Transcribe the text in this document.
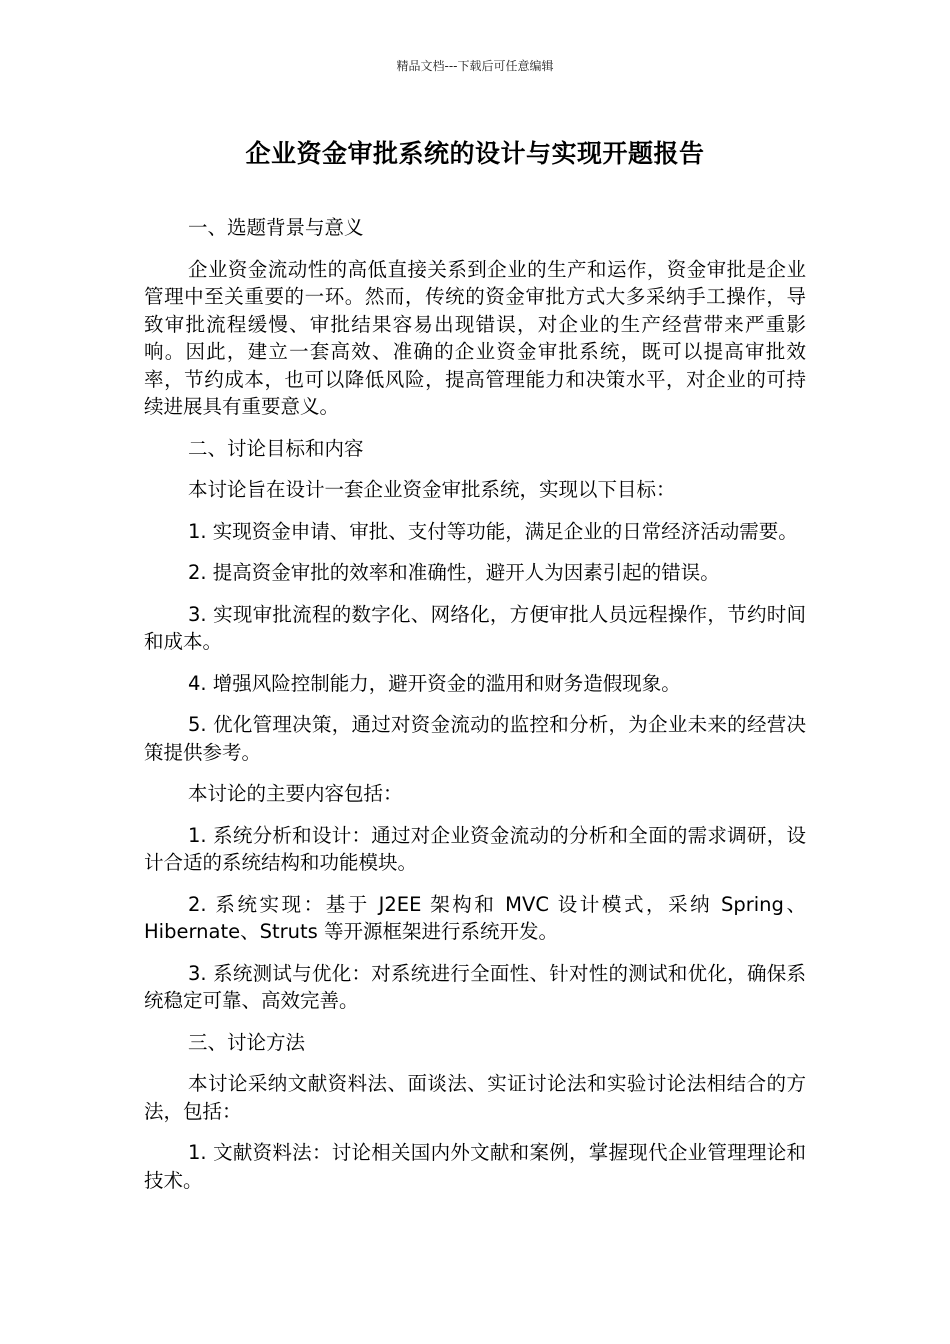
精品文档---下载后可任意编辑
企业资金审批系统的设计与实现开题报告

一、选题背景与意义

企业资金流动性的高低直接关系到企业的生产和运作，资金审批是企业管理中至关重要的一环。然而，传统的资金审批方式大多采纳手工操作，导致审批流程缓慢、审批结果容易出现错误，对企业的生产经营带来严重影响。因此，建立一套高效、准确的企业资金审批系统，既可以提高审批效率，节约成本，也可以降低风险，提高管理能力和决策水平，对企业的可持续进展具有重要意义。

二、讨论目标和内容

本讨论旨在设计一套企业资金审批系统，实现以下目标：

1. 实现资金申请、审批、支付等功能，满足企业的日常经济活动需要。

2. 提高资金审批的效率和准确性，避开人为因素引起的错误。

3. 实现审批流程的数字化、网络化，方便审批人员远程操作，节约时间和成本。

4. 增强风险控制能力，避开资金的滥用和财务造假现象。

5. 优化管理决策，通过对资金流动的监控和分析，为企业未来的经营决策提供参考。

本讨论的主要内容包括：

1. 系统分析和设计：通过对企业资金流动的分析和全面的需求调研，设计合适的系统结构和功能模块。

2. 系统实现：基于 J2EE 架构和 MVC 设计模式，采纳 Spring、Hibernate、Struts 等开源框架进行系统开发。

3. 系统测试与优化：对系统进行全面性、针对性的测试和优化，确保系统稳定可靠、高效完善。

三、讨论方法

本讨论采纳文献资料法、面谈法、实证讨论法和实验讨论法相结合的方法，包括：

1. 文献资料法：讨论相关国内外文献和案例，掌握现代企业管理理论和技术。
